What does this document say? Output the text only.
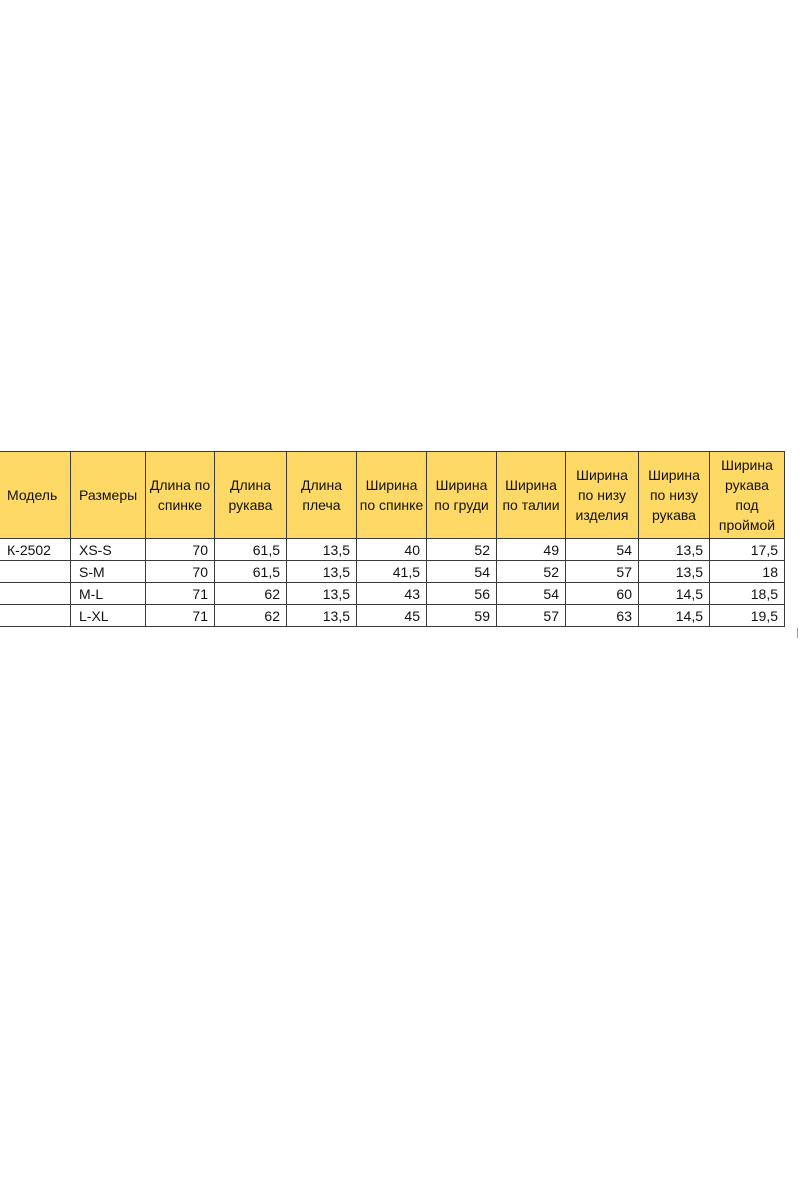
Модель	Размеры	Длина по спинке	Длина рукава	Длина плеча	Ширина по спинке	Ширина по груди	Ширина по талии	Ширина по низу изделия	Ширина по низу рукава	Ширина рукава под проймой
К-2502	XS-S	70	61,5	13,5	40	52	49	54	13,5	17,5
	S-M	70	61,5	13,5	41,5	54	52	57	13,5	18
	M-L	71	62	13,5	43	56	54	60	14,5	18,5
	L-XL	71	62	13,5	45	59	57	63	14,5	19,5
